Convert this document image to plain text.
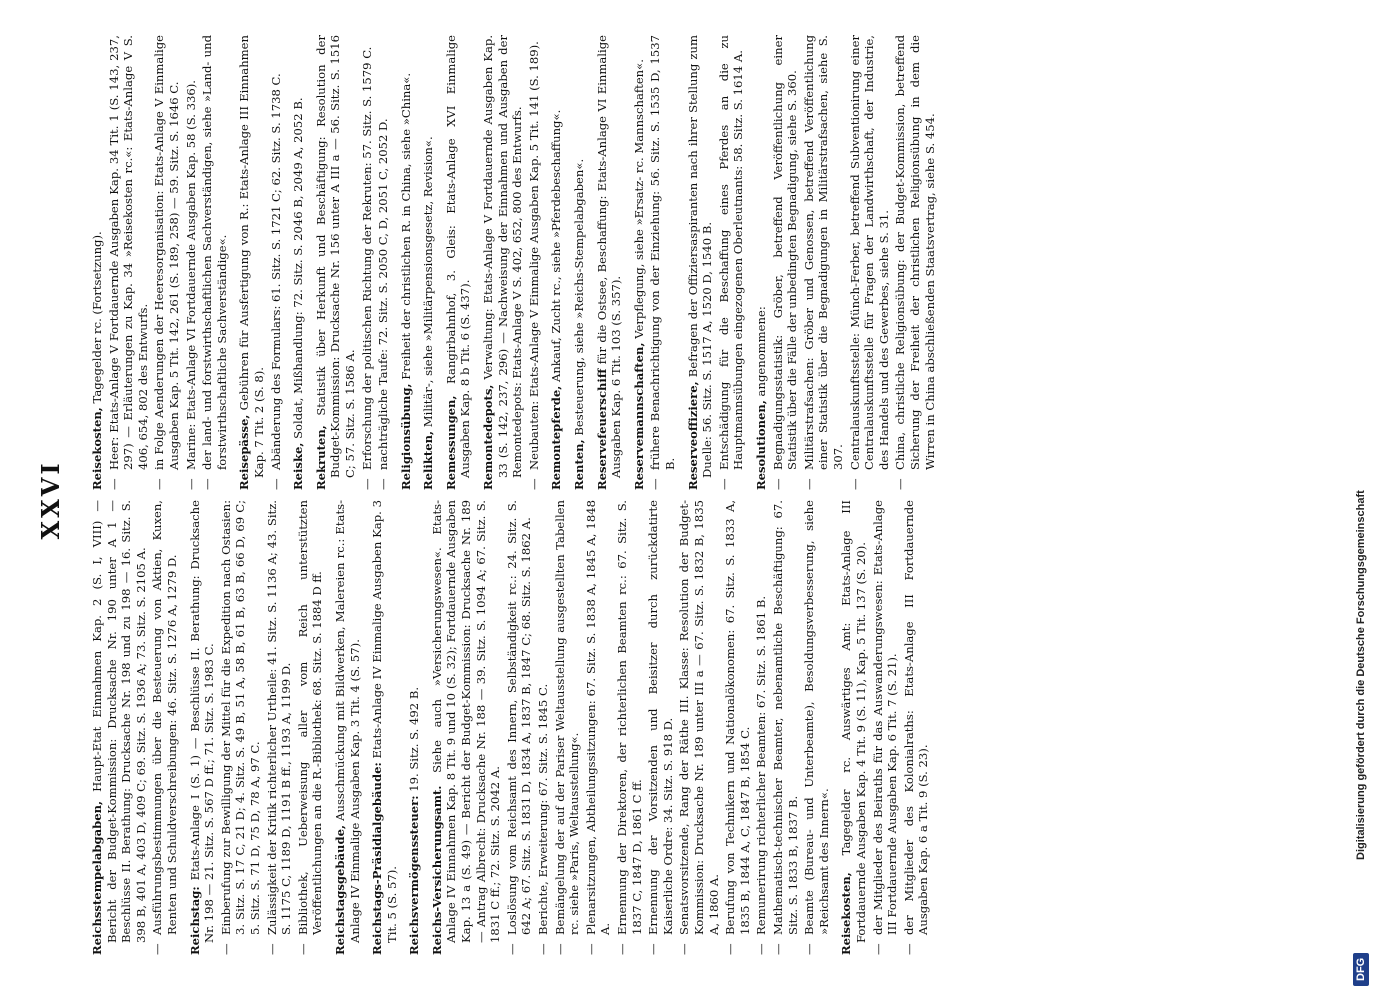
XXVI
Reichsstempelabgaben, Haupt-Etat Einnahmen Kap. 2 (S. I, VIII) — Bericht der Budget-Kommission: Drucksache Nr. 190 unter A 1 — Beschlüsse II. Berathung: Drucksache Nr. 198 und zu 198 — 16. Sitz. S. 398 B, 401 A, 403 D, 409 C; 69. Sitz. S. 1936 A; 73. Sitz. S. 2105 A.
—
Ausführungsbestimmungen über die Besteuerung von Aktien, Kuxen, Renten und Schuldverschreibungen: 46. Sitz. S. 1276 A, 1279 D. Reichstag: Etats-Anlage I (S. 1) — Beschlüsse II. Berathung: Drucksache Nr. 198 — 21. Sitz. S. 567 D ff.; 71. Sitz. S. 1983 C.
—
Einberufung zur Bewilligung der Mittel für die Expedition nach Ostasien: 3. Sitz. S. 17 C, 21 D; 4. Sitz. S. 49 B, 51 A, 58 B, 61 B, 63 B, 66 D, 69 C; 5. Sitz. S. 71 D, 75 D, 78 A, 97 C.
—
Zulässigkeit der Kritik richterlicher Urtheile: 41. Sitz. S. 1136 A; 43. Sitz. S. 1175 C, 1189 D, 1191 B ff., 1193 A, 1199 D.
—
Bibliothek, Ueberweisung aller vom Reich unterstützten Veröffentlichungen an die R.-Bibliothek: 68. Sitz. S. 1884 D ff. Reichstagsgebäude, Ausschmückung mit Bildwerken, Malereien rc.: Etats-Anlage IV Einmalige Ausgaben Kap. 3 Tit. 4 (S. 57). Reichstags-Präsidialgebäude: Etats-Anlage IV Einmalige Ausgaben Kap. 3 Tit. 5 (S. 57). Reichsvermögenssteuer: 19. Sitz. S. 492 B.
Reichs-Versicherungsamt. Siehe auch »Versicherungswesen«. Etats-Anlage IV Einnahmen Kap. 8 Tit. 9 und 10 (S. 32); Fortdauernde Ausgaben Kap. 13 a (S. 49) — Bericht der Budget-Kommission: Drucksache Nr. 189 — Antrag Albrecht: Drucksache Nr. 188 — 39. Sitz. S. 1094 A; 67. Sitz. S. 1831 C ff.; 72. Sitz. S. 2042 A.
—
Loslösung vom Reichsamt des Innern, Selbständigkeit rc.: 24. Sitz. S. 642 A; 67. Sitz. S. 1831 D, 1834 A, 1837 B, 1847 C; 68. Sitz. S. 1862 A.
—
Berichte, Erweiterung: 67. Sitz. S. 1845 C.
—
Bemängelung der auf der Pariser Weltausstellung ausgestellten Tabellen rc. siehe »Paris, Weltausstellung«.
—
Plenarsitzungen, Abtheilungssitzungen: 67. Sitz. S. 1838 A, 1845 A, 1848 A.
—
Ernennung der Direktoren, der richterlichen Beamten rc.: 67. Sitz. S. 1837 C, 1847 D, 1861 C ff.
—
Ernennung der Vorsitzenden und Beisitzer durch zurückdatirte Kaiserliche Ordre: 34. Sitz. S. 918 D.
—
Senatsvorsitzende, Rang der Räthe III. Klasse: Resolution der Budget-Kommission: Drucksache Nr. 189 unter III a — 67. Sitz. S. 1832 B, 1835 A, 1860 A.
—
Berufung von Technikern und Nationalökonomen: 67. Sitz. S. 1833 A, 1835 B, 1844 A, C, 1847 B, 1854 C.
—
Remunerirung richterlicher Beamten: 67. Sitz. S. 1861 B.
—
Mathematisch-technischer Beamter, nebenamtliche Beschäftigung: 67. Sitz. S. 1833 B, 1837 B.
—
Beamte (Bureau- und Unterbeamte), Besoldungsverbesserung, siehe »Reichsamt des Innern«. Reisekosten, Tagegelder rc. Auswärtiges Amt: Etats-Anlage III Fortdauernde Ausgaben Kap. 4 Tit. 9 (S. 11), Kap. 5 Tit. 137 (S. 20).
—
der Mitglieder des Beiraths für das Auswanderungswesen: Etats-Anlage III Fortdauernde Ausgaben Kap. 6 Tit. 7 (S. 21).
—
der Mitglieder des Kolonialraths: Etats-Anlage III Fortdauernde Ausgaben Kap. 6 a Tit. 9 (S. 23).
Reisekosten, Tagegelder rc. (Fortsetzung).
—
Heer: Etats-Anlage V Fortdauernde Ausgaben Kap. 34 Tit. 1 (S. 143, 237, 297) — Erläuterungen zu Kap. 34 »Reisekosten rc.«: Etats-Anlage V S. 406, 654, 802 des Entwurfs.
—
in Folge Aenderungen der Heeresorganisation: Etats-Anlage V Einmalige Ausgaben Kap. 5 Tit. 142, 261 (S. 189, 258) — 59. Sitz. S. 1646 C.
—
Marine: Etats-Anlage VI Fortdauernde Ausgaben Kap. 58 (S. 336).
—
der land- und forstwirthschaftlichen Sachverständigen, siehe »Land- und forstwirthschaftliche Sachverständige«. Reisepässe, Gebühren für Ausfertigung von R.: Etats-Anlage III Einnahmen Kap. 7 Tit. 2 (S. 8).
—
Abänderung des Formulars: 61. Sitz. S. 1721 C; 62. Sitz. S. 1738 C. Reiske, Soldat, Mißhandlung: 72. Sitz. S. 2046 B, 2049 A, 2052 B.
Rekruten, Statistik über Herkunft und Beschäftigung: Resolution der Budget-Kommission: Drucksache Nr. 156 unter A III a — 56. Sitz. S. 1516 C; 57. Sitz. S. 1586 A.
—
Erforschung der politischen Richtung der Rekruten: 57. Sitz. S. 1579 C.
—
nachträgliche Taufe: 72. Sitz. S. 2050 C, D, 2051 C, 2052 D. Religionsübung, Freiheit der christlichen R. in China, siehe »China«.
Relikten, Militär-, siehe »Militärpensionsgesetz, Revision«.
Remessungen, Rangirbahnhof, 3. Gleis: Etats-Anlage XVI Einmalige Ausgaben Kap. 8 b Tit. 6 (S. 437). Remontedepots, Verwaltung: Etats-Anlage V Fortdauernde Ausgaben Kap. 33 (S. 142, 237, 296) — Nachweisung der Einnahmen und Ausgaben der Remontedepots: Etats-Anlage V S. 402, 652, 800 des Entwurfs.
—
Neubauten: Etats-Anlage V Einmalige Ausgaben Kap. 5 Tit. 141 (S. 189). Remontepferde, Ankauf, Zucht rc., siehe »Pferdebeschaffung«.
Renten, Besteuerung, siehe »Reichs-Stempelabgaben«. Reservefeuerschiff für die Ostsee, Beschaffung: Etats-Anlage VI Einmalige Ausgaben Kap. 6 Tit. 103 (S. 357). Reservemannschaften, Verpflegung, siehe »Ersatz- rc. Mannschaften«.
—
frühere Benachrichtigung von der Einziehung: 56. Sitz. S. 1535 D, 1537 B. Reserveoffiziere, Befragen der Offiziersaspiranten nach ihrer Stellung zum Duelle: 56. Sitz. S. 1517 A, 1520 D, 1540 B.
—
Entschädigung für die Beschaffung eines Pferdes an die zu Hauptmannsübungen eingezogenen Oberleutnants: 58. Sitz. S. 1614 A. Resolutionen, angenommene:
—
Begnadigungsstatistik: Gröber, betreffend Veröffentlichung einer Statistik über die Fälle der unbedingten Begnadigung, siehe S. 360.
—
Militärstrafsachen: Gröber und Genossen, betreffend Veröffentlichung einer Statistik über die Begnadigungen in Militärstrafsachen, siehe S. 307.
—
Centralauskunftsstelle: Münch-Ferber, betreffend Subventionirung einer Centralauskunftsstelle für Fragen der Landwirthschaft, der Industrie, des Handels und des Gewerbes, siehe S. 31.
—
China, christliche Religionsübung: der Budget-Kommission, betreffend Sicherung der Freiheit der christlichen Religionsübung in dem die Wirren in China abschließenden Staatsvertrag, siehe S. 454.
DFG
Digitalisierung gefördert durch die Deutsche Forschungsgemeinschaft
